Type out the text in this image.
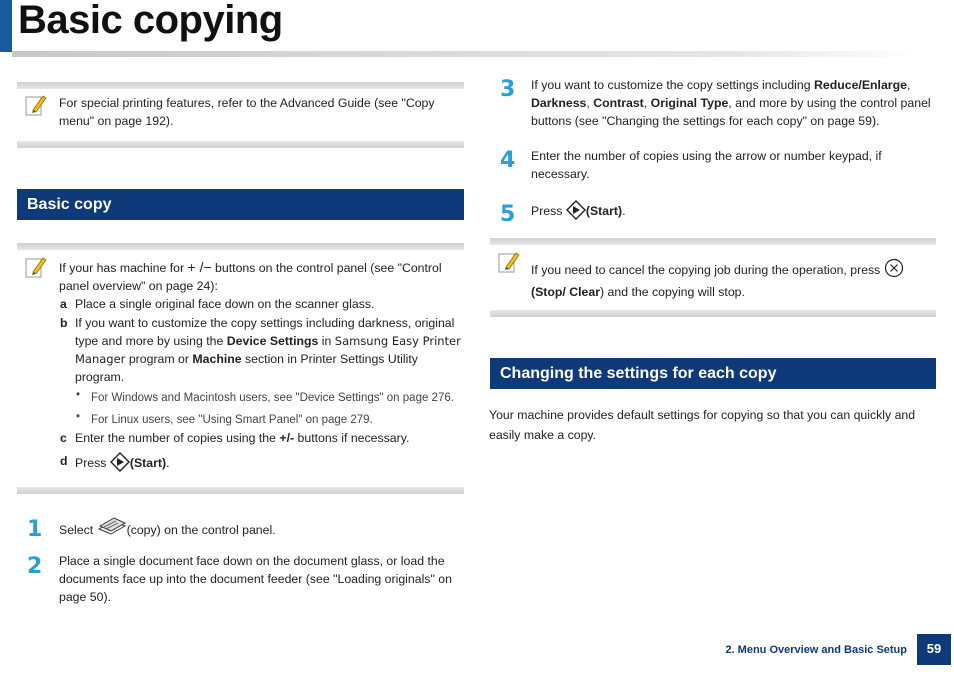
Basic copying
For special printing features, refer to the Advanced Guide (see "Copy menu" on page 192).
Basic copy
If your has machine for + /− buttons on the control panel (see "Control panel overview" on page 24):
a Place a single original face down on the scanner glass.
b If you want to customize the copy settings including darkness, original type and more by using the Device Settings in Samsung Easy Printer Manager program or Machine section in Printer Settings Utility program.
• For Windows and Macintosh users, see "Device Settings" on page 276.
• For Linux users, see "Using Smart Panel" on page 279.
c Enter the number of copies using the +/- buttons if necessary.
d Press (Start).
1 Select (copy) on the control panel.
2 Place a single document face down on the document glass, or load the documents face up into the document feeder (see "Loading originals" on page 50).
3 If you want to customize the copy settings including Reduce/Enlarge, Darkness, Contrast, Original Type, and more by using the control panel buttons (see "Changing the settings for each copy" on page 59).
4 Enter the number of copies using the arrow or number keypad, if necessary.
5 Press (Start).
If you need to cancel the copying job during the operation, press (Stop/ Clear) and the copying will stop.
Changing the settings for each copy
Your machine provides default settings for copying so that you can quickly and easily make a copy.
2. Menu Overview and Basic Setup	59
